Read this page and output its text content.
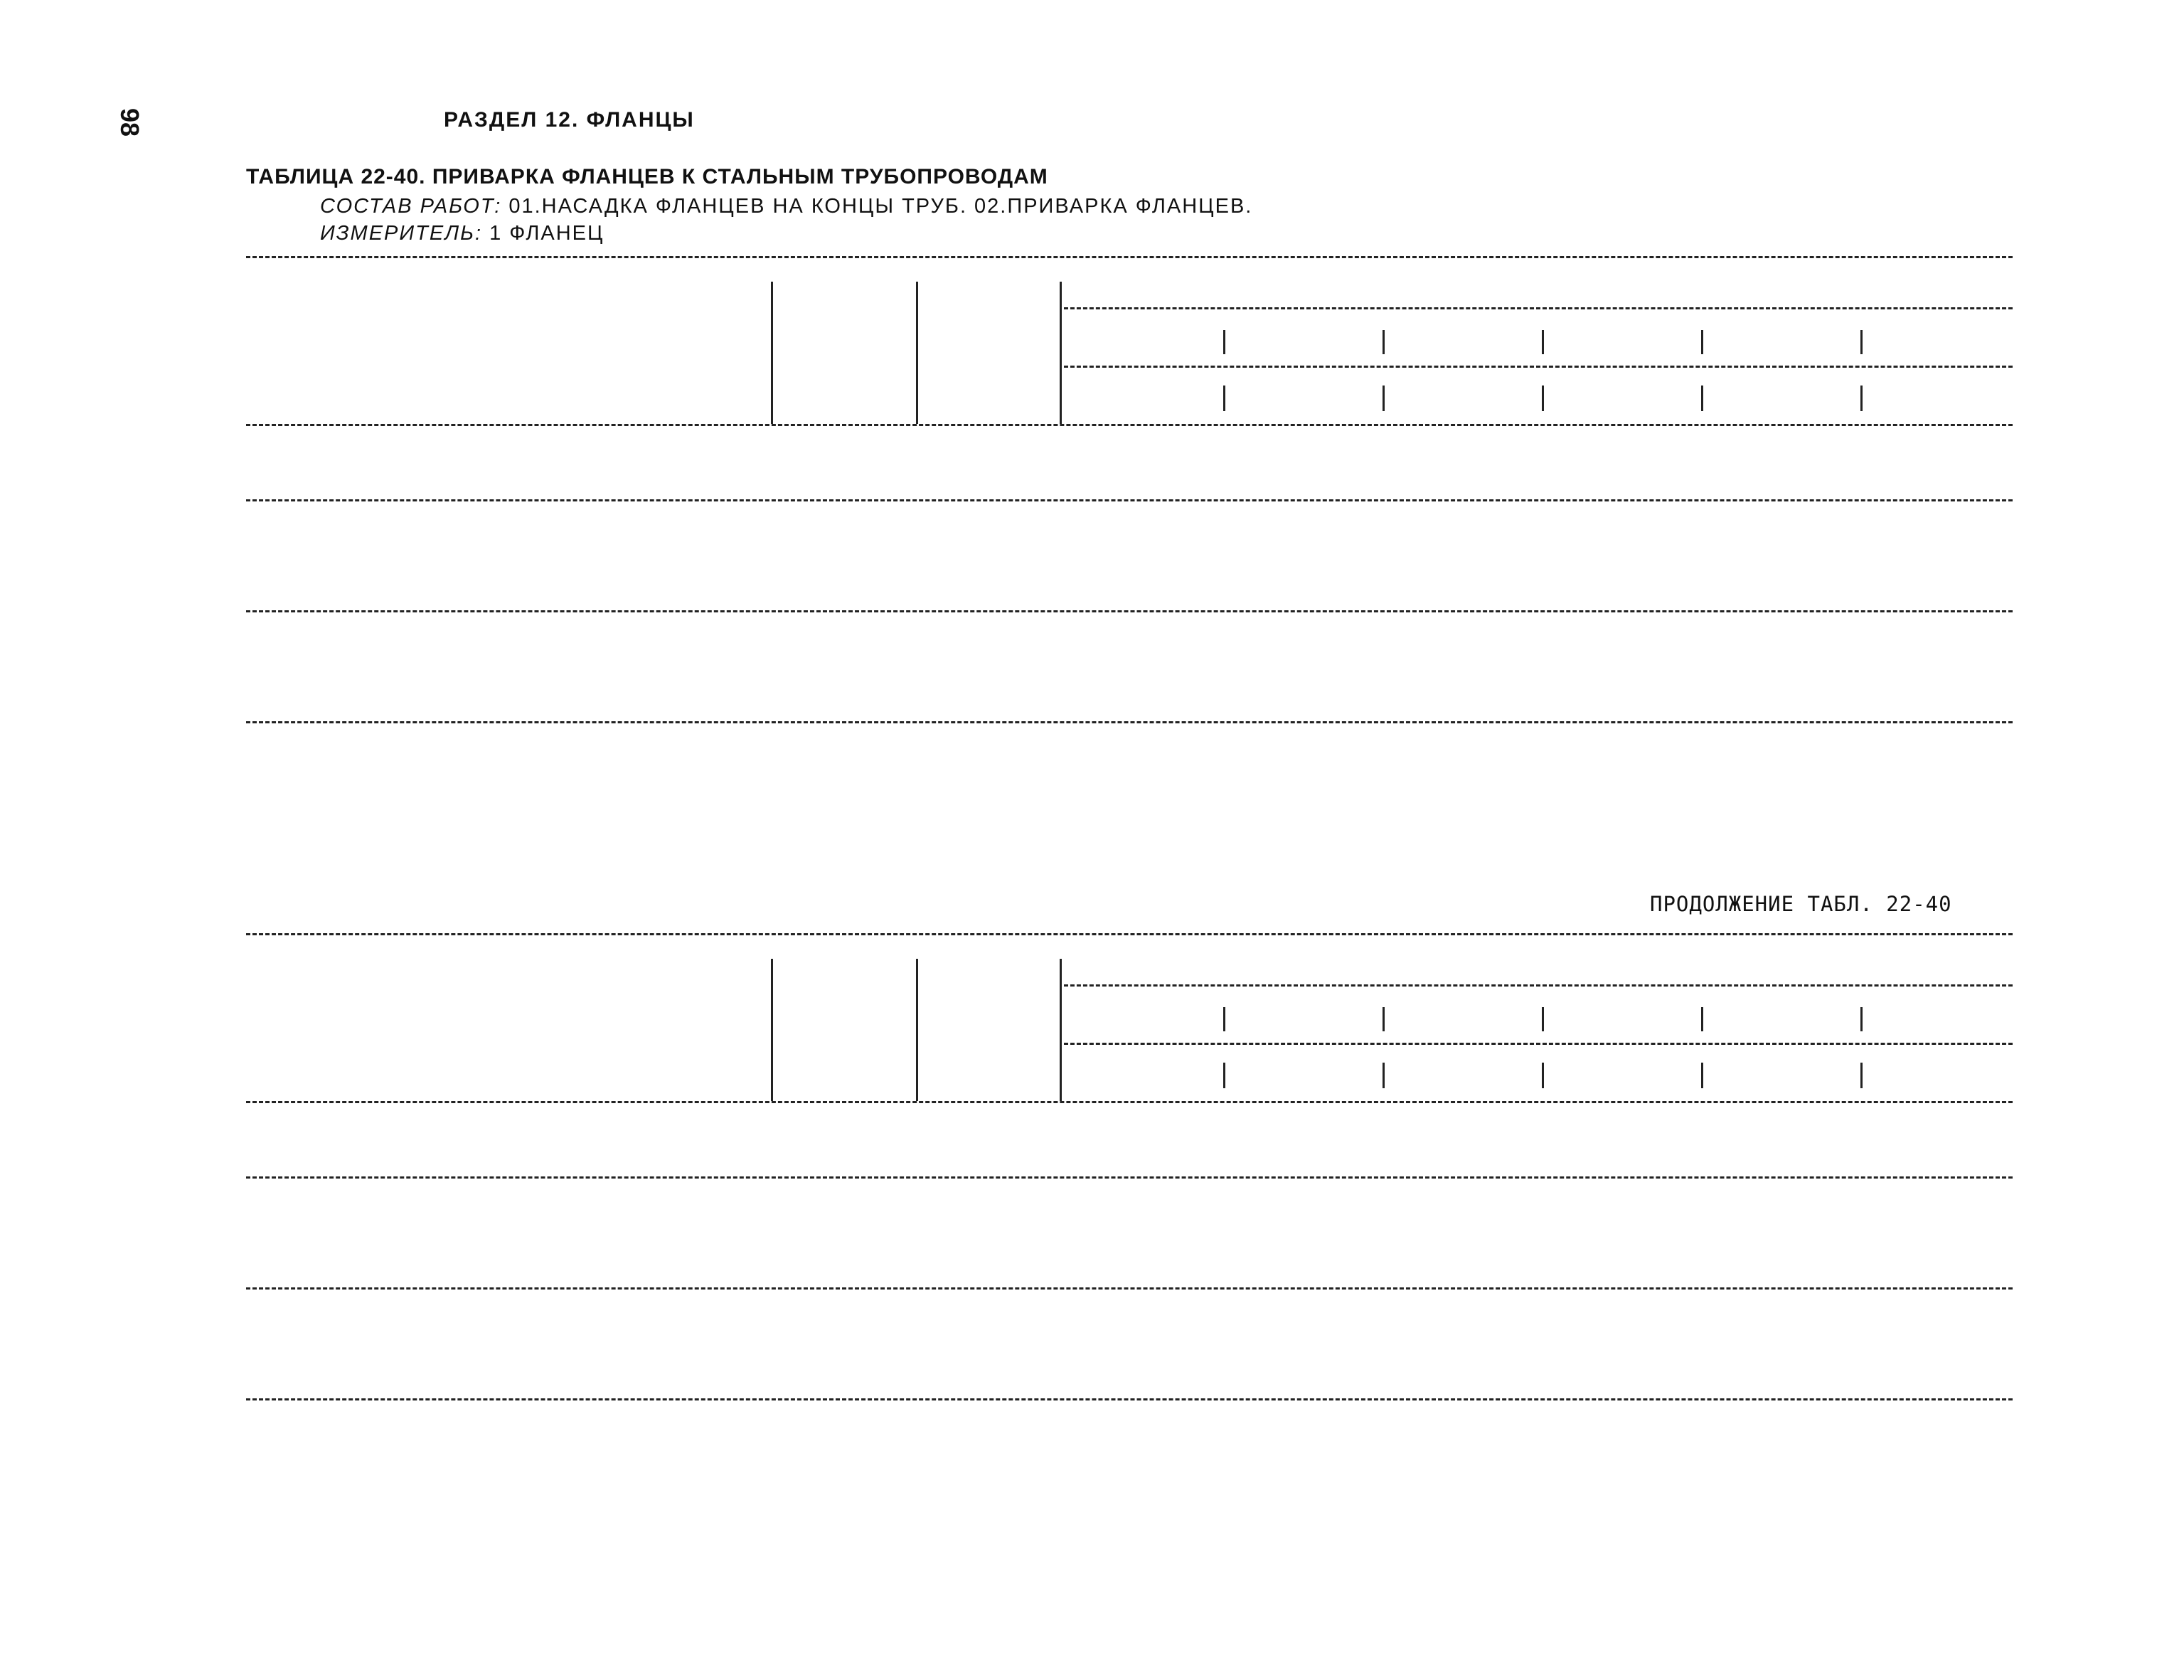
98	РАЗДЕЛ 12. ФЛАНЦЫ
ТАБЛИЦА 22-40. ПРИВАРКА ФЛАНЦЕВ К СТАЛЬНЫМ ТРУБОПРОВОДАМ
СОСТАВ РАБОТ: 01.НАСАДКА ФЛАНЦЕВ НА КОНЦЫ ТРУБ. 02.ПРИВАРКА ФЛАНЦЕВ.
ИЗМЕРИТЕЛЬ: 1 ФЛАНЕЦ
ПРОДОЛЖЕНИЕ ТАБЛ. 22-40
